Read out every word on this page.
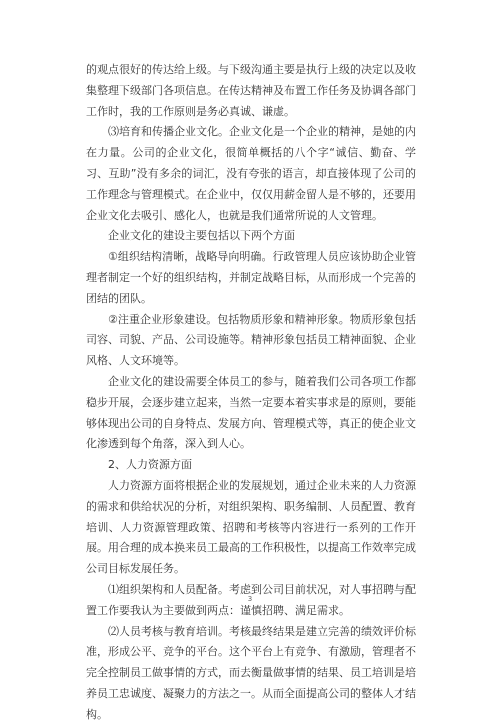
的观点很好的传达给上级。与下级沟通主要是执行上级的决定以及收集整理下级部门各项信息。在传达精神及布置工作任务及协调各部门工作时，我的工作原则是务必真诚、谦虚。

⑶培育和传播企业文化。企业文化是一个企业的精神，是她的内在力量。公司的企业文化，很简单概括的八个字“诚信、勤奋、学习、互助”没有多余的词汇，没有夸张的语言，却直接体现了公司的工作理念与管理模式。在企业中，仅仅用薪金留人是不够的，还要用企业文化去吸引、感化人，也就是我们通常所说的人文管理。

企业文化的建设主要包括以下两个方面

①组织结构清晰，战略导向明确。行政管理人员应该协助企业管理者制定一个好的组织结构，并制定战略目标，从而形成一个完善的团结的团队。

②注重企业形象建设。包括物质形象和精神形象。物质形象包括司容、司貌、产品、公司设施等。精神形象包括员工精神面貌、企业风格、人文环境等。

企业文化的建设需要全体员工的参与，随着我们公司各项工作都稳步开展，会逐步建立起来，当然一定要本着实事求是的原则，要能够体现出公司的自身特点、发展方向、管理模式等，真正的使企业文化渗透到每个角落，深入到人心。

2、人力资源方面

人力资源方面将根据企业的发展规划，通过企业未来的人力资源的需求和供给状况的分析，对组织架构、职务编制、人员配置、教育培训、人力资源管理政策、招聘和考核等内容进行一系列的工作开展。用合理的成本换来员工最高的工作积极性，以提高工作效率完成公司目标发展任务。

⑴组织架构和人员配备。考虑到公司目前状况，对人事招聘与配置工作要我认为主要做到两点：谨慎招聘、满足需求。

⑵人员考核与教育培训。考核最终结果是建立完善的绩效评价标准，形成公平、竞争的平台。这个平台上有竞争、有激励，管理者不完全控制员工做事情的方式，而去衡量做事情的结果、员工培训是培养员工忠诚度、凝聚力的方法之一。从而全面提高公司的整体人才结构。

3
